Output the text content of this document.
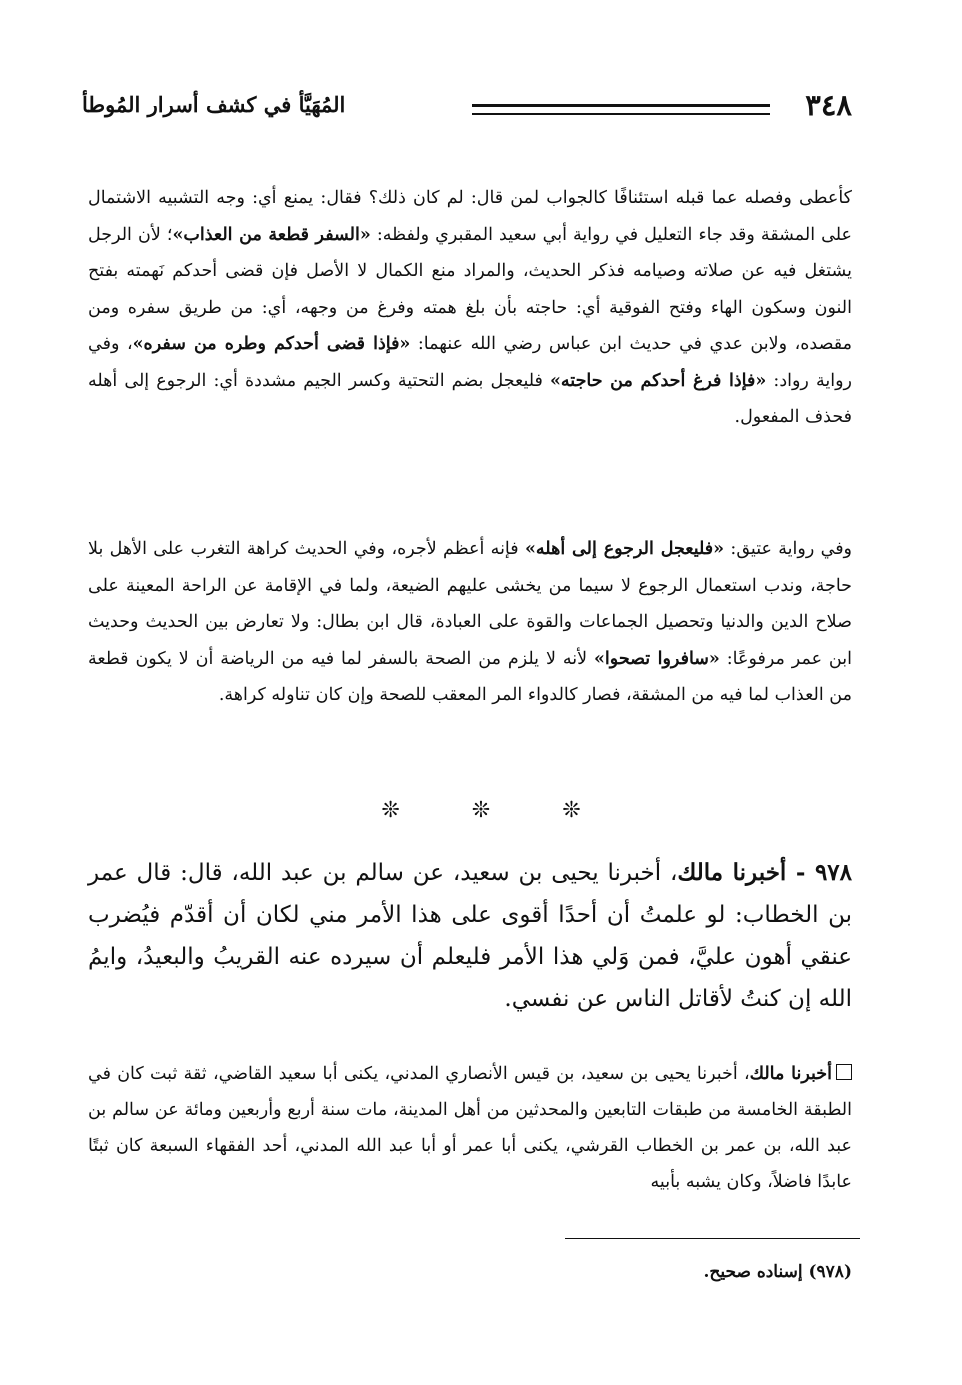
٣٤٨
المُهَيَّأ في كشف أسرار المُوطأ
كأعطى وفصله عما قبله استئنافًا كالجواب لمن قال: لم كان ذلك؟ فقال: يمنع أي: وجه التشبيه الاشتمال على المشقة وقد جاء التعليل في رواية أبي سعيد المقبري ولفظه: «السفر قطعة من العذاب»؛ لأن الرجل يشتغل فيه عن صلاته وصيامه فذكر الحديث، والمراد منع الكمال لا الأصل فإن قضى أحدكم نَهمته بفتح النون وسكون الهاء وفتح الفوقية أي: حاجته بأن بلغ همته وفرغ من وجهه، أي: من طريق سفره ومن مقصده، ولابن عدي في حديث ابن عباس رضي الله عنهما: «فإذا قضى أحدكم وطره من سفره»، وفي رواية رواد: «فإذا فرغ أحدكم من حاجته» فليعجل بضم التحتية وكسر الجيم مشددة أي: الرجوع إلى أهله فحذف المفعول.
وفي رواية عتيق: «فليعجل الرجوع إلى أهله» فإنه أعظم لأجره، وفي الحديث كراهة التغرب على الأهل بلا حاجة، وندب استعمال الرجوع لا سيما من يخشى عليهم الضيعة، ولما في الإقامة عن الراحة المعينة على صلاح الدين والدنيا وتحصيل الجماعات والقوة على العبادة، قال ابن بطال: ولا تعارض بين الحديث وحديث ابن عمر مرفوعًا: «سافروا تصحوا» لأنه لا يلزم من الصحة بالسفر لما فيه من الرياضة أن لا يكون قطعة من العذاب لما فيه من المشقة، فصار كالدواء المر المعقب للصحة وإن كان تناوله كراهة.
❊	❊	❊
٩٧٨ - أخبرنا مالك، أخبرنا يحيى بن سعيد، عن سالم بن عبد الله، قال: قال عمر بن الخطاب: لو علمتُ أن أحدًا أقوى على هذا الأمر مني لكان أن أقدّم فيُضرب عنقي أهون عليَّ، فمن وَلي هذا الأمر فليعلم أن سيرده عنه القريبُ والبعيدُ، وايمُ الله إن كنتُ لأقاتل الناس عن نفسي.
أخبرنا مالك، أخبرنا يحيى بن سعيد، بن قيس الأنصاري المدني، يكنى أبا سعيد القاضي، ثقة ثبت كان في الطبقة الخامسة من طبقات التابعين والمحدثين من أهل المدينة، مات سنة أربع وأربعين ومائة عن سالم بن عبد الله، بن عمر بن الخطاب القرشي، يكنى أبا عمر أو أبا عبد الله المدني، أحد الفقهاء السبعة كان ثبتًا عابدًا فاضلاً، وكان يشبه بأبيه
(٩٧٨) إسناده صحيح.
